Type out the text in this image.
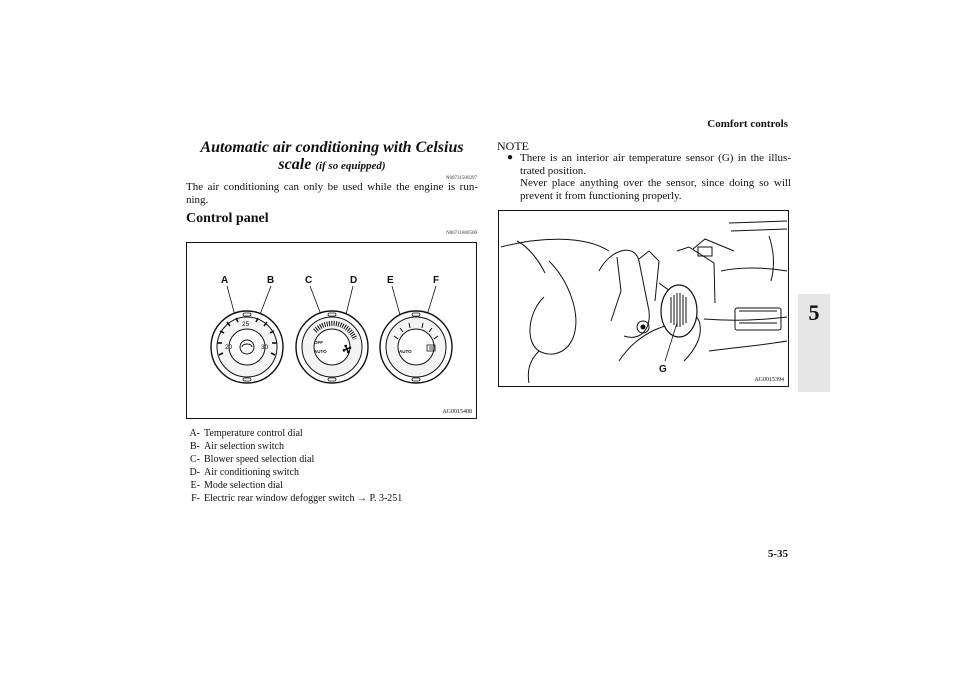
Comfort controls
5
Automatic air conditioning with Celsius
scale (if so equipped)
N00731500297
The air conditioning can only be used while the engine is run-ning.
Control panel
N00711800500
A	B	C	D	E	F
25
20	30
OFF
AUTO	AUTO
AG0015408
A- Temperature control dial
B- Air selection switch
C- Blower speed selection dial
D- Air conditioning switch
E- Mode selection dial
F- Electric rear window defogger switch → P. 3-251
NOTE
● There is an interior air temperature sensor (G) in the illus-trated position.
Never place anything over the sensor, since doing so will prevent it from functioning properly.
G
AG0015394
5-35
